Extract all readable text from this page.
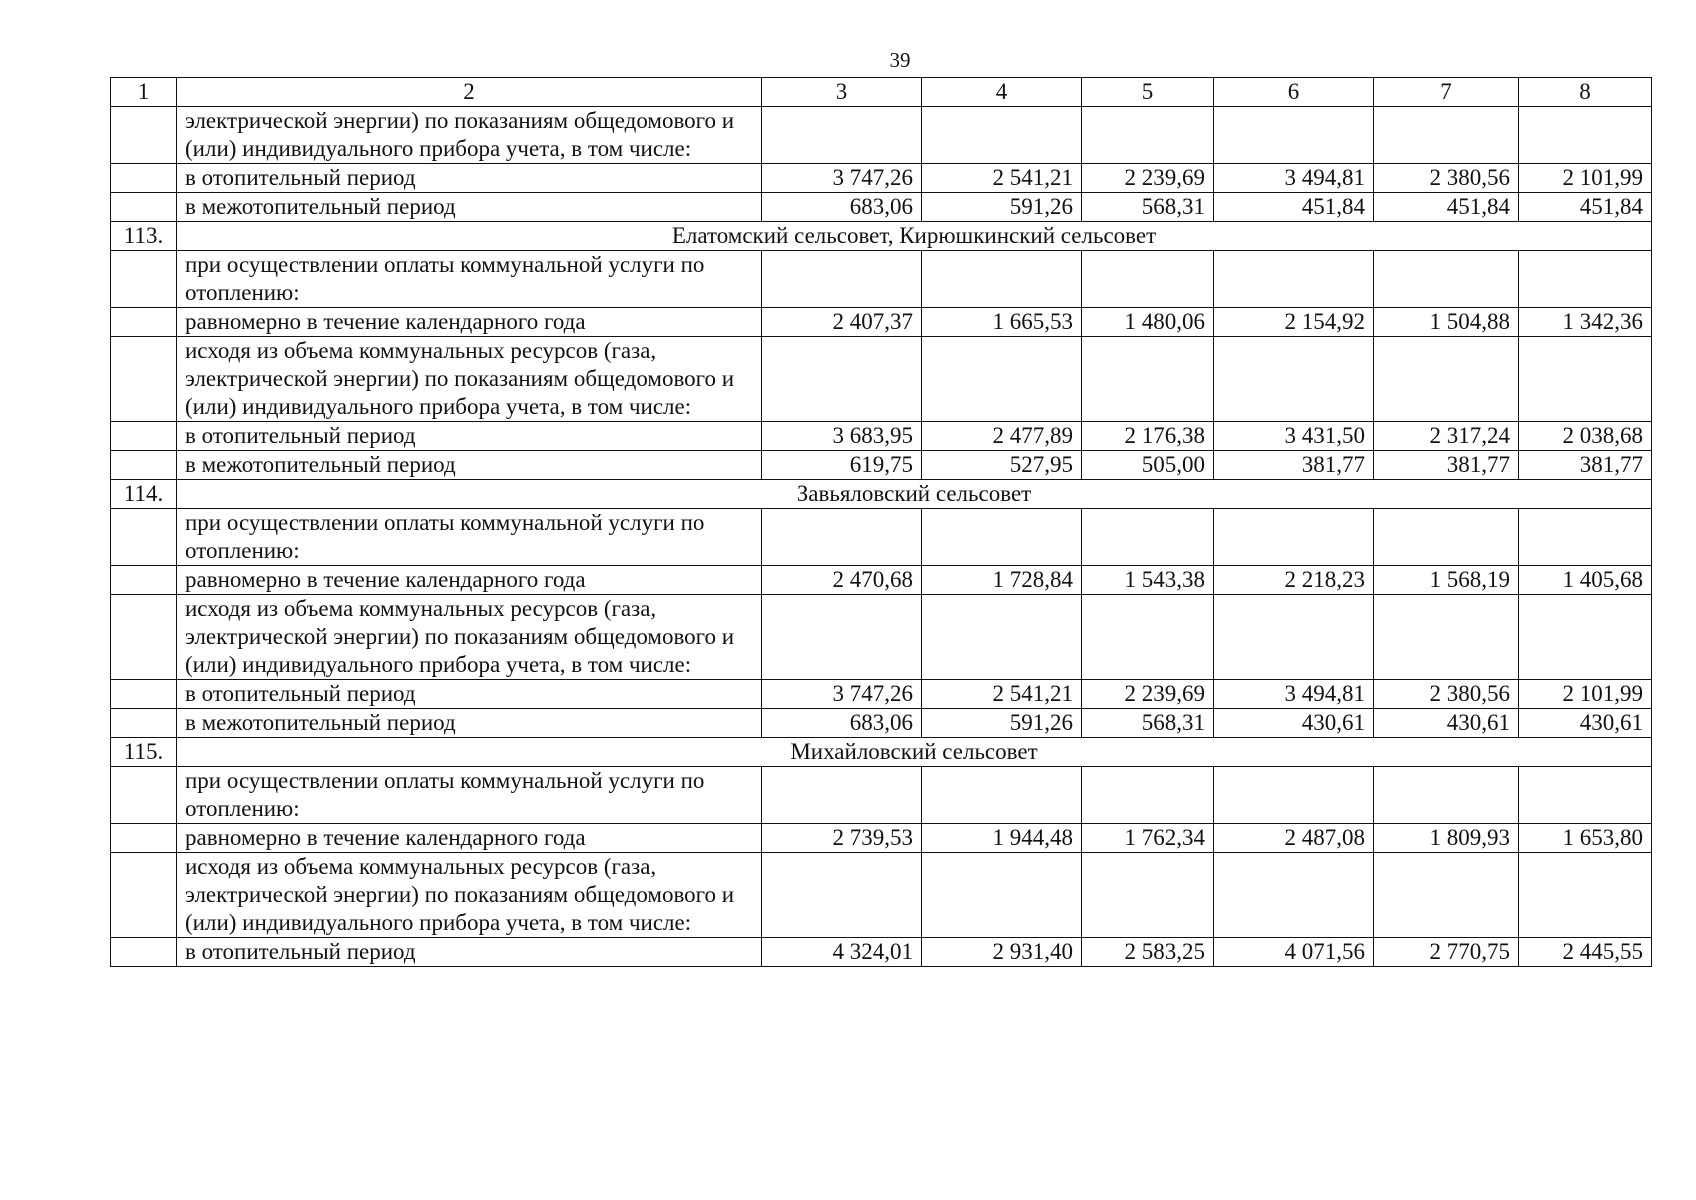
39
1	2	3	4	5	6	7	8
	электрической энергии) по показаниям общедомового и (или) индивидуального прибора учета, в том числе:						
	в отопительный период	3 747,26	2 541,21	2 239,69	3 494,81	2 380,56	2 101,99
	в межотопительный период	683,06	591,26	568,31	451,84	451,84	451,84
113.	Елатомский сельсовет, Кирюшкинский сельсовет						
	при осуществлении оплаты коммунальной услуги по отоплению:						
	равномерно в течение календарного года	2 407,37	1 665,53	1 480,06	2 154,92	1 504,88	1 342,36
	исходя из объема коммунальных ресурсов (газа, электрической энергии) по показаниям общедомового и (или) индивидуального прибора учета, в том числе:						
	в отопительный период	3 683,95	2 477,89	2 176,38	3 431,50	2 317,24	2 038,68
	в межотопительный период	619,75	527,95	505,00	381,77	381,77	381,77
114.	Завьяловский сельсовет						
	при осуществлении оплаты коммунальной услуги по отоплению:						
	равномерно в течение календарного года	2 470,68	1 728,84	1 543,38	2 218,23	1 568,19	1 405,68
	исходя из объема коммунальных ресурсов (газа, электрической энергии) по показаниям общедомового и (или) индивидуального прибора учета, в том числе:						
	в отопительный период	3 747,26	2 541,21	2 239,69	3 494,81	2 380,56	2 101,99
	в межотопительный период	683,06	591,26	568,31	430,61	430,61	430,61
115.	Михайловский сельсовет						
	при осуществлении оплаты коммунальной услуги по отоплению:						
	равномерно в течение календарного года	2 739,53	1 944,48	1 762,34	2 487,08	1 809,93	1 653,80
	исходя из объема коммунальных ресурсов (газа, электрической энергии) по показаниям общедомового и (или) индивидуального прибора учета, в том числе:						
	в отопительный период	4 324,01	2 931,40	2 583,25	4 071,56	2 770,75	2 445,55
